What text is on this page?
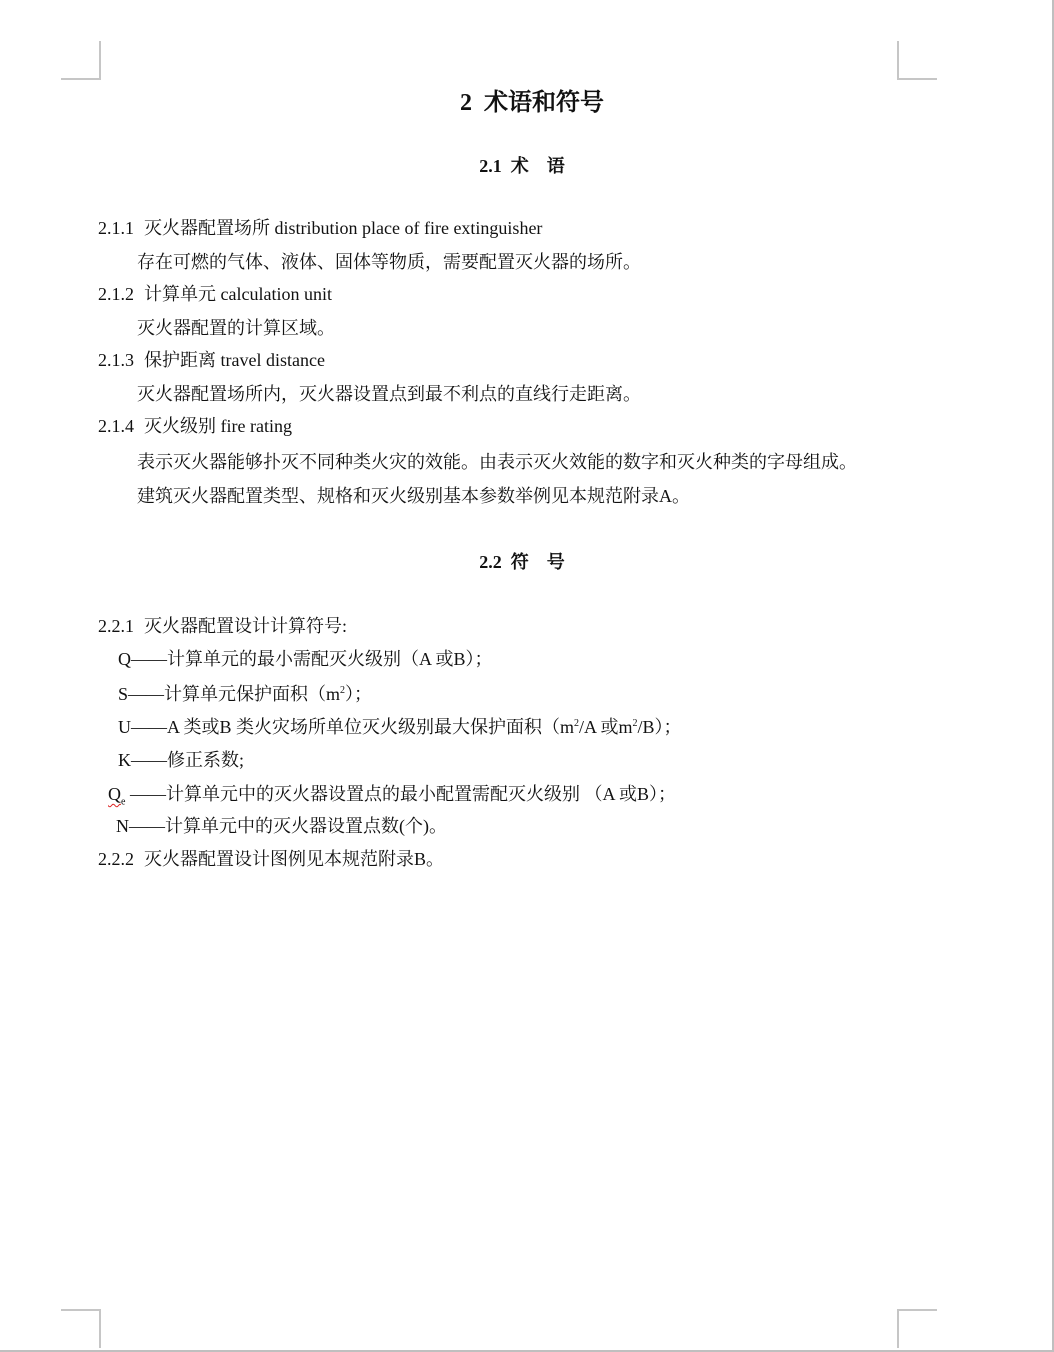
2 术语和符号
2.1 术　语
2.1.1 灭火器配置场所 distribution place of fire extinguisher
存在可燃的气体、液体、固体等物质，需要配置灭火器的场所。
2.1.2 计算单元 calculation unit
灭火器配置的计算区域。
2.1.3 保护距离 travel distance
灭火器配置场所内，灭火器设置点到最不利点的直线行走距离。
2.1.4 灭火级别 fire rating
表示灭火器能够扑灭不同种类火灾的效能。由表示灭火效能的数字和灭火种类的字母组成。
建筑灭火器配置类型、规格和灭火级别基本参数举例见本规范附录A。
2.2 符　号
2.2.1 灭火器配置设计计算符号:
Q——计算单元的最小需配灭火级别（A 或B）；
S——计算单元保护面积$(m^2)$；
U——A 类或B 类火灾场所单位灭火级别最大保护面积（$m^2/A$ 或$m^2/B$）；
K——修正系数;
$Q_e$ ——计算单元中的灭火器设置点的最小配置需配灭火级别 （A 或B）；
N——计算单元中的灭火器设置点数(个)。
2.2.2 灭火器配置设计图例见本规范附录B。
